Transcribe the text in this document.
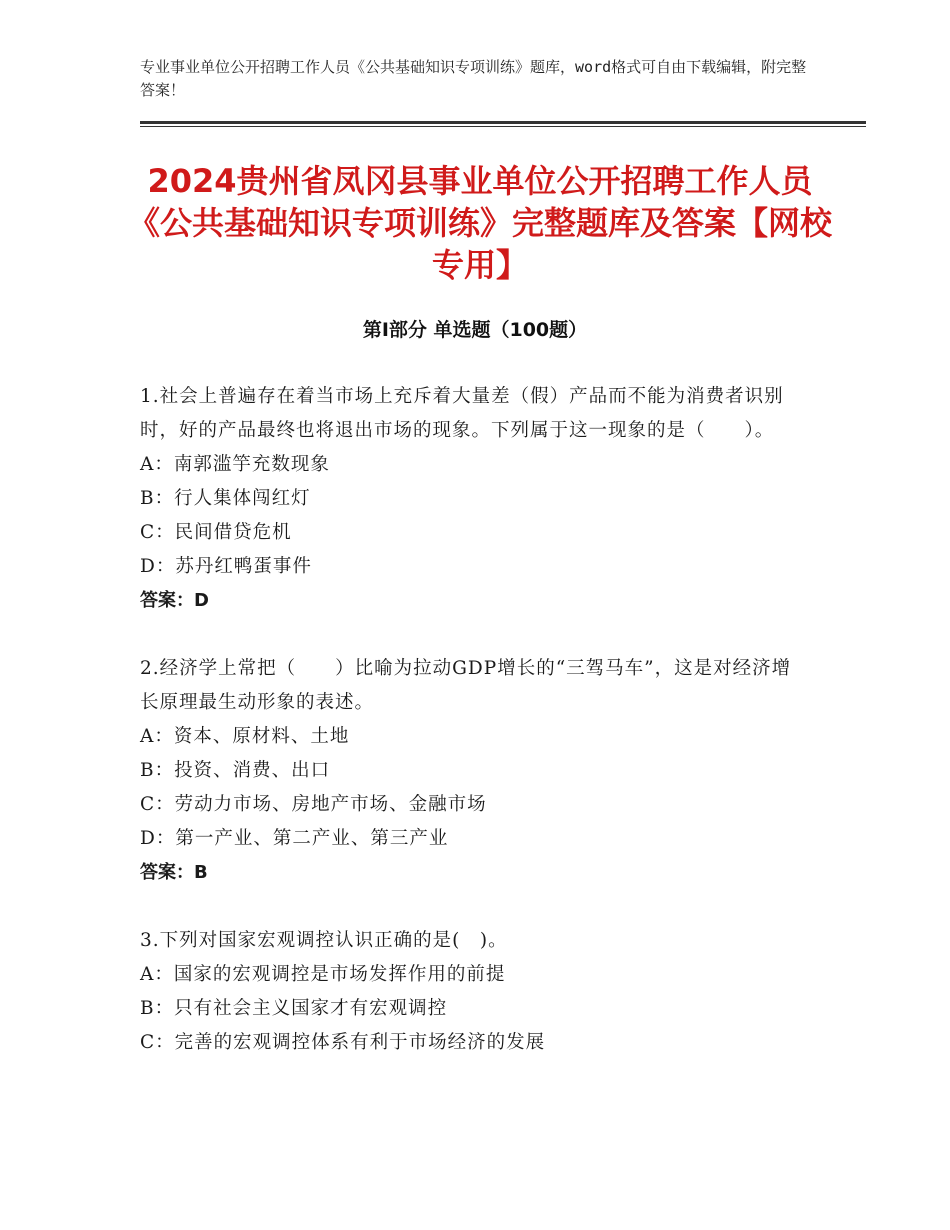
专业事业单位公开招聘工作人员《公共基础知识专项训练》题库，word格式可自由下载编辑，附完整答案！
2024贵州省凤冈县事业单位公开招聘工作人员《公共基础知识专项训练》完整题库及答案【网校专用】
第Ⅰ部分 单选题（100题）

1.社会上普遍存在着当市场上充斥着大量差（假）产品而不能为消费者识别时，好的产品最终也将退出市场的现象。下列属于这一现象的是（　　）。

A：南郭滥竽充数现象

B：行人集体闯红灯

C：民间借贷危机

D：苏丹红鸭蛋事件

答案：D

2.经济学上常把（　　）比喻为拉动GDP增长的“三驾马车”，这是对经济增长原理最生动形象的表述。

A：资本、原材料、土地

B：投资、消费、出口

C：劳动力市场、房地产市场、金融市场

D：第一产业、第二产业、第三产业

答案：B

3.下列对国家宏观调控认识正确的是(　)。

A：国家的宏观调控是市场发挥作用的前提

B：只有社会主义国家才有宏观调控

C：完善的宏观调控体系有利于市场经济的发展
